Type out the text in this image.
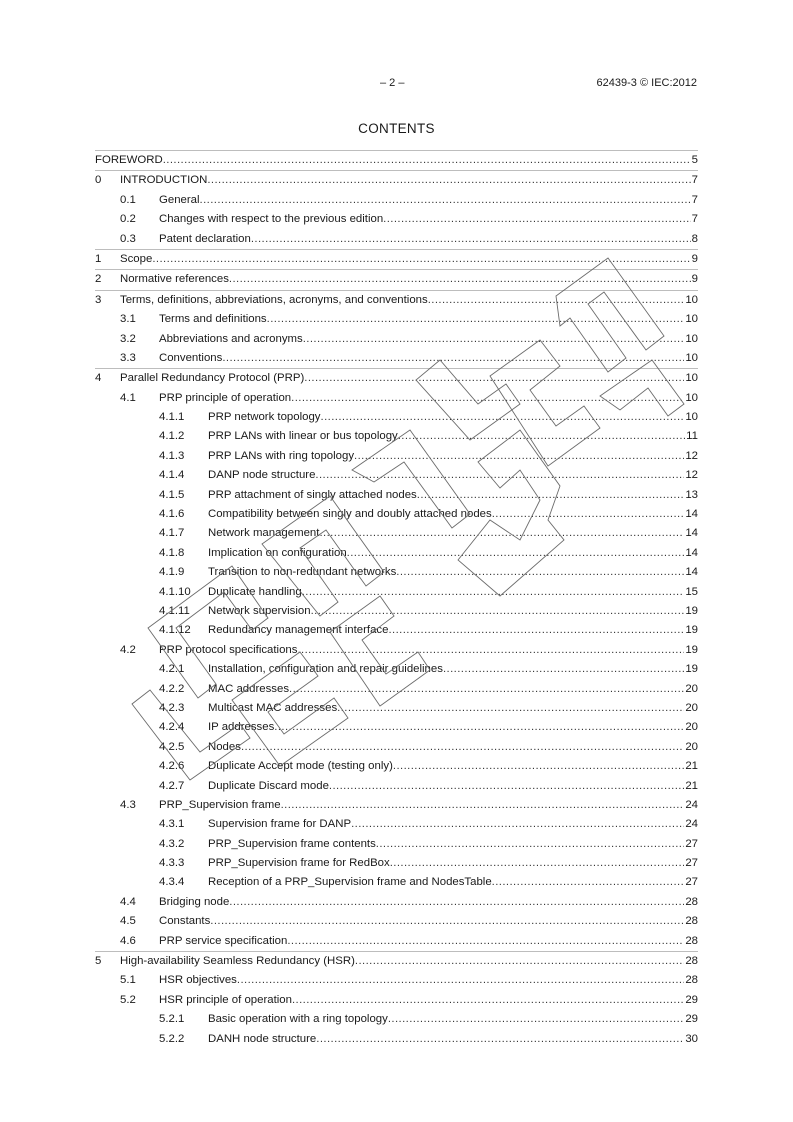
– 2 –	62439-3 © IEC:2012
CONTENTS
FOREWORD .....	5
0 INTRODUCTION .....	7
0.1 General .....	7
0.2 Changes with respect to the previous edition .....	7
0.3 Patent declaration .....	8
1 Scope .....	9
2 Normative references .....	9
3 Terms, definitions, abbreviations, acronyms, and conventions .....	10
3.1 Terms and definitions .....	10
3.2 Abbreviations and acronyms .....	10
3.3 Conventions .....	10
4 Parallel Redundancy Protocol (PRP) .....	10
4.1 PRP principle of operation .....	10
4.1.1 PRP network topology .....	10
4.1.2 PRP LANs with linear or bus topology .....	11
4.1.3 PRP LANs with ring topology .....	12
4.1.4 DANP node structure .....	12
4.1.5 PRP attachment of singly attached nodes .....	13
4.1.6 Compatibility between singly and doubly attached nodes .....	14
4.1.7 Network management .....	14
4.1.8 Implication on configuration .....	14
4.1.9 Transition to non-redundant networks .....	14
4.1.10 Duplicate handling .....	15
4.1.11 Network supervision .....	19
4.1.12 Redundancy management interface .....	19
4.2 PRP protocol specifications .....	19
4.2.1 Installation, configuration and repair guidelines .....	19
4.2.2 MAC addresses .....	20
4.2.3 Multicast MAC addresses .....	20
4.2.4 IP addresses .....	20
4.2.5 Nodes .....	20
4.2.6 Duplicate Accept mode (testing only) .....	21
4.2.7 Duplicate Discard mode .....	21
4.3 PRP_Supervision frame .....	24
4.3.1 Supervision frame for DANP .....	24
4.3.2 PRP_Supervision frame contents .....	27
4.3.3 PRP_Supervision frame for RedBox .....	27
4.3.4 Reception of a PRP_Supervision frame and NodesTable .....	27
4.4 Bridging node .....	28
4.5 Constants .....	28
4.6 PRP service specification .....	28
5 High-availability Seamless Redundancy (HSR) .....	28
5.1 HSR objectives .....	28
5.2 HSR principle of operation .....	29
5.2.1 Basic operation with a ring topology .....	29
5.2.2 DANH node structure .....	30
